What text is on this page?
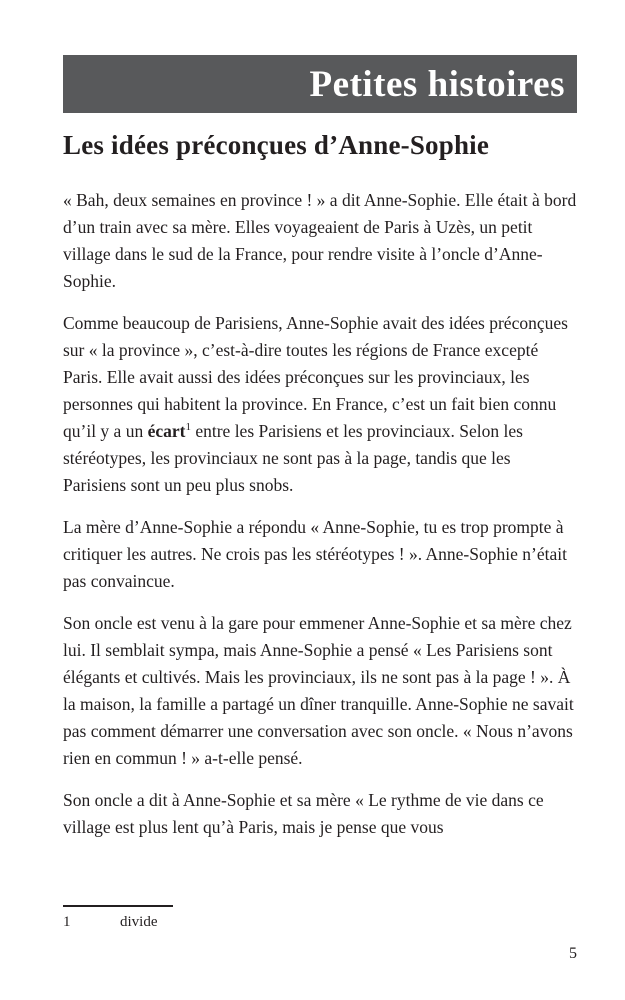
Petites histoires
Les idées préconçues d’Anne-Sophie

« Bah, deux semaines en province ! » a dit Anne-Sophie. Elle était à bord d’un train avec sa mère. Elles voyageaient de Paris à Uzès, un petit village dans le sud de la France, pour rendre visite à l’oncle d’Anne-Sophie.

Comme beaucoup de Parisiens, Anne-Sophie avait des idées préconçues sur « la province », c’est-à-dire toutes les régions de France excepté Paris. Elle avait aussi des idées préconçues sur les provinciaux, les personnes qui habitent la province. En France, c’est un fait bien connu qu’il y a un écart$^1$ entre les Parisiens et les provinciaux. Selon les stéréotypes, les provinciaux ne sont pas à la page, tandis que les Parisiens sont un peu plus snobs.

La mère d’Anne-Sophie a répondu « Anne-Sophie, tu es trop prompte à critiquer les autres. Ne crois pas les stéréotypes ! ». Anne-Sophie n’était pas convaincue.

Son oncle est venu à la gare pour emmener Anne-Sophie et sa mère chez lui. Il semblait sympa, mais Anne-Sophie a pensé « Les Parisiens sont élégants et cultivés. Mais les provinciaux, ils ne sont pas à la page ! ». À la maison, la famille a partagé un dîner tranquille. Anne-Sophie ne savait pas comment démarrer une conversation avec son oncle. « Nous n’avons rien en commun ! » a-t-elle pensé.

Son oncle a dit à Anne-Sophie et sa mère « Le rythme de vie dans ce village est plus lent qu’à Paris, mais je pense que vous

1	divide
5
